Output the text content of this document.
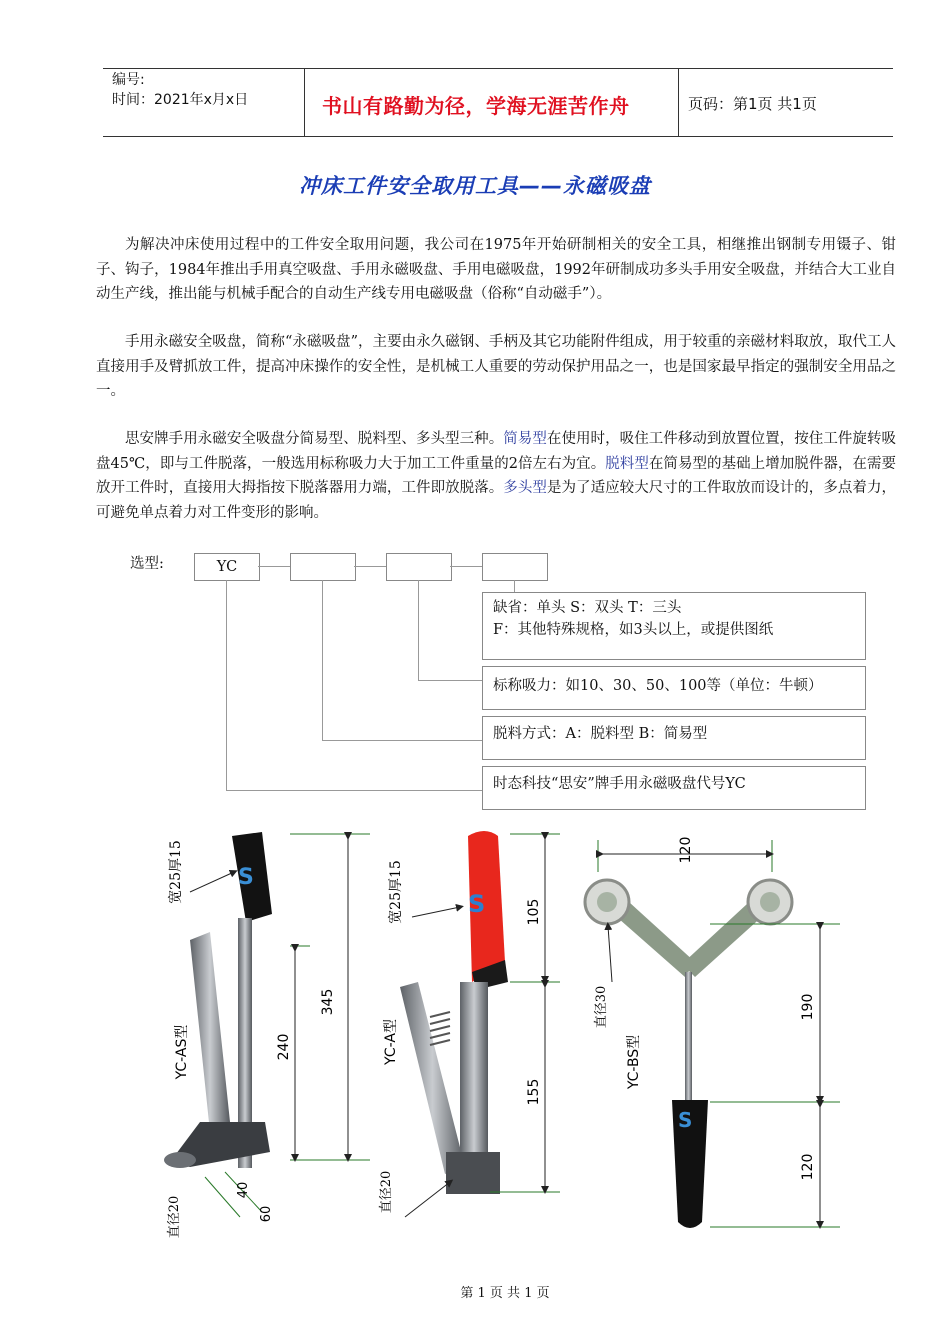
编号:
时间：2021年x月x日	书山有路勤为径，学海无涯苦作舟	页码：第1页 共1页
冲床工件安全取用工具——永磁吸盘
为解决冲床使用过程中的工件安全取用问题，我公司在1975年开始研制相关的安全工具，相继推出钢制专用镊子、钳子、钩子，1984年推出手用真空吸盘、手用永磁吸盘、手用电磁吸盘，1992年研制成功多头手用安全吸盘，并结合大工业自动生产线，推出能与机械手配合的自动生产线专用电磁吸盘（俗称“自动磁手”）。
手用永磁安全吸盘，简称“永磁吸盘”，主要由永久磁钢、手柄及其它功能附件组成，用于较重的亲磁材料取放，取代工人直接用手及臂抓放工件，提高冲床操作的安全性，是机械工人重要的劳动保护用品之一，也是国家最早指定的强制安全用品之一。
思安牌手用永磁安全吸盘分简易型、脱料型、多头型三种。简易型在使用时，吸住工件移动到放置位置，按住工件旋转吸盘45℃，即与工件脱落，一般选用标称吸力大于加工工件重量的2倍左右为宜。脱料型在简易型的基础上增加脱件器，在需要放开工件时，直接用大拇指按下脱落器用力端，工件即放脱落。多头型是为了适应较大尺寸的工件取放而设计的，多点着力，可避免单点着力对工件变形的影响。
选型:	YC
缺省：单头 S：双头 T：三头
F：其他特殊规格，如3头以上，或提供图纸
标称吸力：如10、30、50、100等（单位：牛顿）
脱料方式：A：脱料型 B：简易型
时态科技“思安”牌手用永磁吸盘代号YC
S
345
240
宽25厚15
YC-AS型
40
60
直径20
S	105
155
宽25厚15
YC-A型
直径20
S
120
190
120
直径30
YC-BS型
第 1 页 共 1 页
